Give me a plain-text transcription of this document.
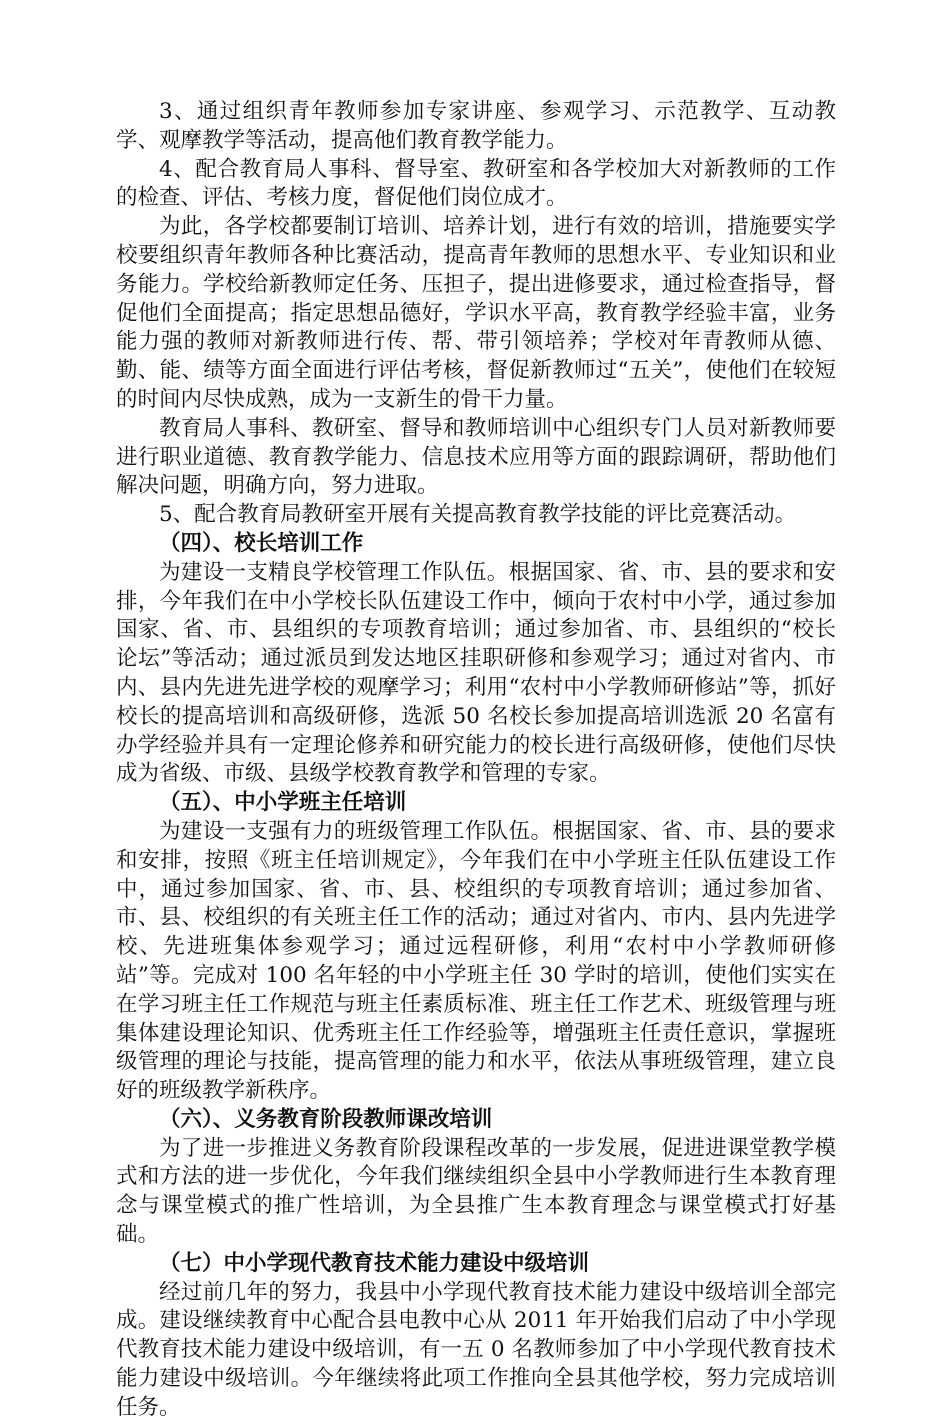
3、通过组织青年教师参加专家讲座、参观学习、示范教学、互动教学、观摩教学等活动，提高他们教育教学能力。

4、配合教育局人事科、督导室、教研室和各学校加大对新教师的工作的检查、评估、考核力度，督促他们岗位成才。

为此，各学校都要制订培训、培养计划，进行有效的培训，措施要实学校要组织青年教师各种比赛活动，提高青年教师的思想水平、专业知识和业务能力。学校给新教师定任务、压担子，提出进修要求，通过检查指导，督促他们全面提高；指定思想品德好，学识水平高，教育教学经验丰富，业务能力强的教师对新教师进行传、帮、带引领培养；学校对年青教师从德、勤、能、绩等方面全面进行评估考核，督促新教师过“五关”，使他们在较短的时间内尽快成熟，成为一支新生的骨干力量。

教育局人事科、教研室、督导和教师培训中心组织专门人员对新教师要进行职业道德、教育教学能力、信息技术应用等方面的跟踪调研，帮助他们解决问题，明确方向，努力进取。

5、配合教育局教研室开展有关提高教育教学技能的评比竞赛活动。

（四）、校长培训工作

为建设一支精良学校管理工作队伍。根据国家、省、市、县的要求和安排，今年我们在中小学校长队伍建设工作中，倾向于农村中小学，通过参加国家、省、市、县组织的专项教育培训；通过参加省、市、县组织的“校长论坛”等活动；通过派员到发达地区挂职研修和参观学习；通过对省内、市内、县内先进先进学校的观摩学习；利用“农村中小学教师研修站”等，抓好校长的提高培训和高级研修，选派 50 名校长参加提高培训选派 20 名富有办学经验并具有一定理论修养和研究能力的校长进行高级研修，使他们尽快成为省级、市级、县级学校教育教学和管理的专家。

（五）、中小学班主任培训

为建设一支强有力的班级管理工作队伍。根据国家、省、市、县的要求和安排，按照《班主任培训规定》，今年我们在中小学班主任队伍建设工作中，通过参加国家、省、市、县、校组织的专项教育培训；通过参加省、市、县、校组织的有关班主任工作的活动；通过对省内、市内、县内先进学校、先进班集体参观学习；通过远程研修，利用“农村中小学教师研修站”等。完成对 100 名年轻的中小学班主任 30 学时的培训，使他们实实在在学习班主任工作规范与班主任素质标准、班主任工作艺术、班级管理与班集体建设理论知识、优秀班主任工作经验等，增强班主任责任意识，掌握班级管理的理论与技能，提高管理的能力和水平，依法从事班级管理，建立良好的班级教学新秩序。

（六）、义务教育阶段教师课改培训

为了进一步推进义务教育阶段课程改革的一步发展，促进进课堂教学模式和方法的进一步优化，今年我们继续组织全县中小学教师进行生本教育理念与课堂模式的推广性培训，为全县推广生本教育理念与课堂模式打好基础。

（七）中小学现代教育技术能力建设中级培训

经过前几年的努力，我县中小学现代教育技术能力建设中级培训全部完成。建设继续教育中心配合县电教中心从 2011 年开始我们启动了中小学现代教育技术能力建设中级培训，有一五 0 名教师参加了中小学现代教育技术能力建设中级培训。今年继续将此项工作推向全县其他学校，努力完成培训任务。
